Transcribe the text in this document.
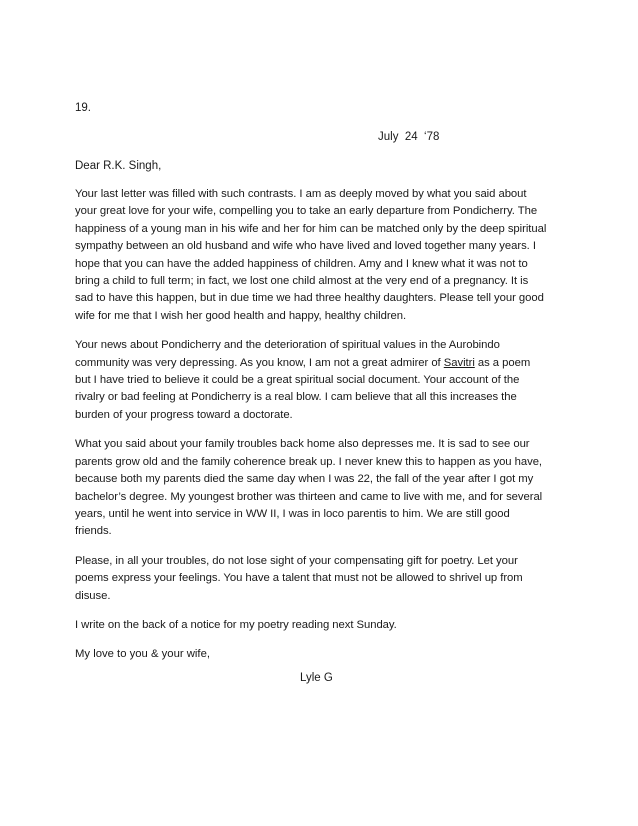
19.
July  24  ‘78
Dear R.K. Singh,

Your last letter was filled with such contrasts. I am as deeply moved by what you said about
your great love for your wife, compelling you to take an early departure from Pondicherry. The
happiness of a young man in his wife and her for him can be matched only by the deep spiritual
sympathy between an old husband and wife who have lived and loved together many years. I
hope that you can have the added happiness of children. Amy and I knew what it was not to
bring a child to full term; in fact, we lost one child almost at the very end of a pregnancy. It is
sad to have this happen, but in due time we had three healthy daughters. Please tell your good
wife for me that I wish her good health and happy, healthy children.

Your news about Pondicherry and the deterioration of spiritual values in the Aurobindo
community was very depressing. As you know, I am not a great admirer of Savitri as a poem
but I have tried to believe it could be a great spiritual social document. Your account of the
rivalry or bad feeling at Pondicherry is a real blow. I cam believe that all this increases the
burden of your progress toward a doctorate.

What you said about your family troubles back home also depresses me. It is sad to see our
parents grow old and the family coherence break up. I never knew this to happen as you have,
because both my parents died the same day when I was 22, the fall of the year after I got my
bachelor’s degree. My youngest brother was thirteen and came to live with me, and for several
years, until he went into service in WW II, I was in loco parentis to him. We are still good
friends.

Please, in all your troubles, do not lose sight of your compensating gift for poetry. Let your
poems express your feelings. You have a talent that must not be allowed to shrivel up from
disuse.

I write on the back of a notice for my poetry reading next Sunday.

My love to you & your wife,

Lyle G
